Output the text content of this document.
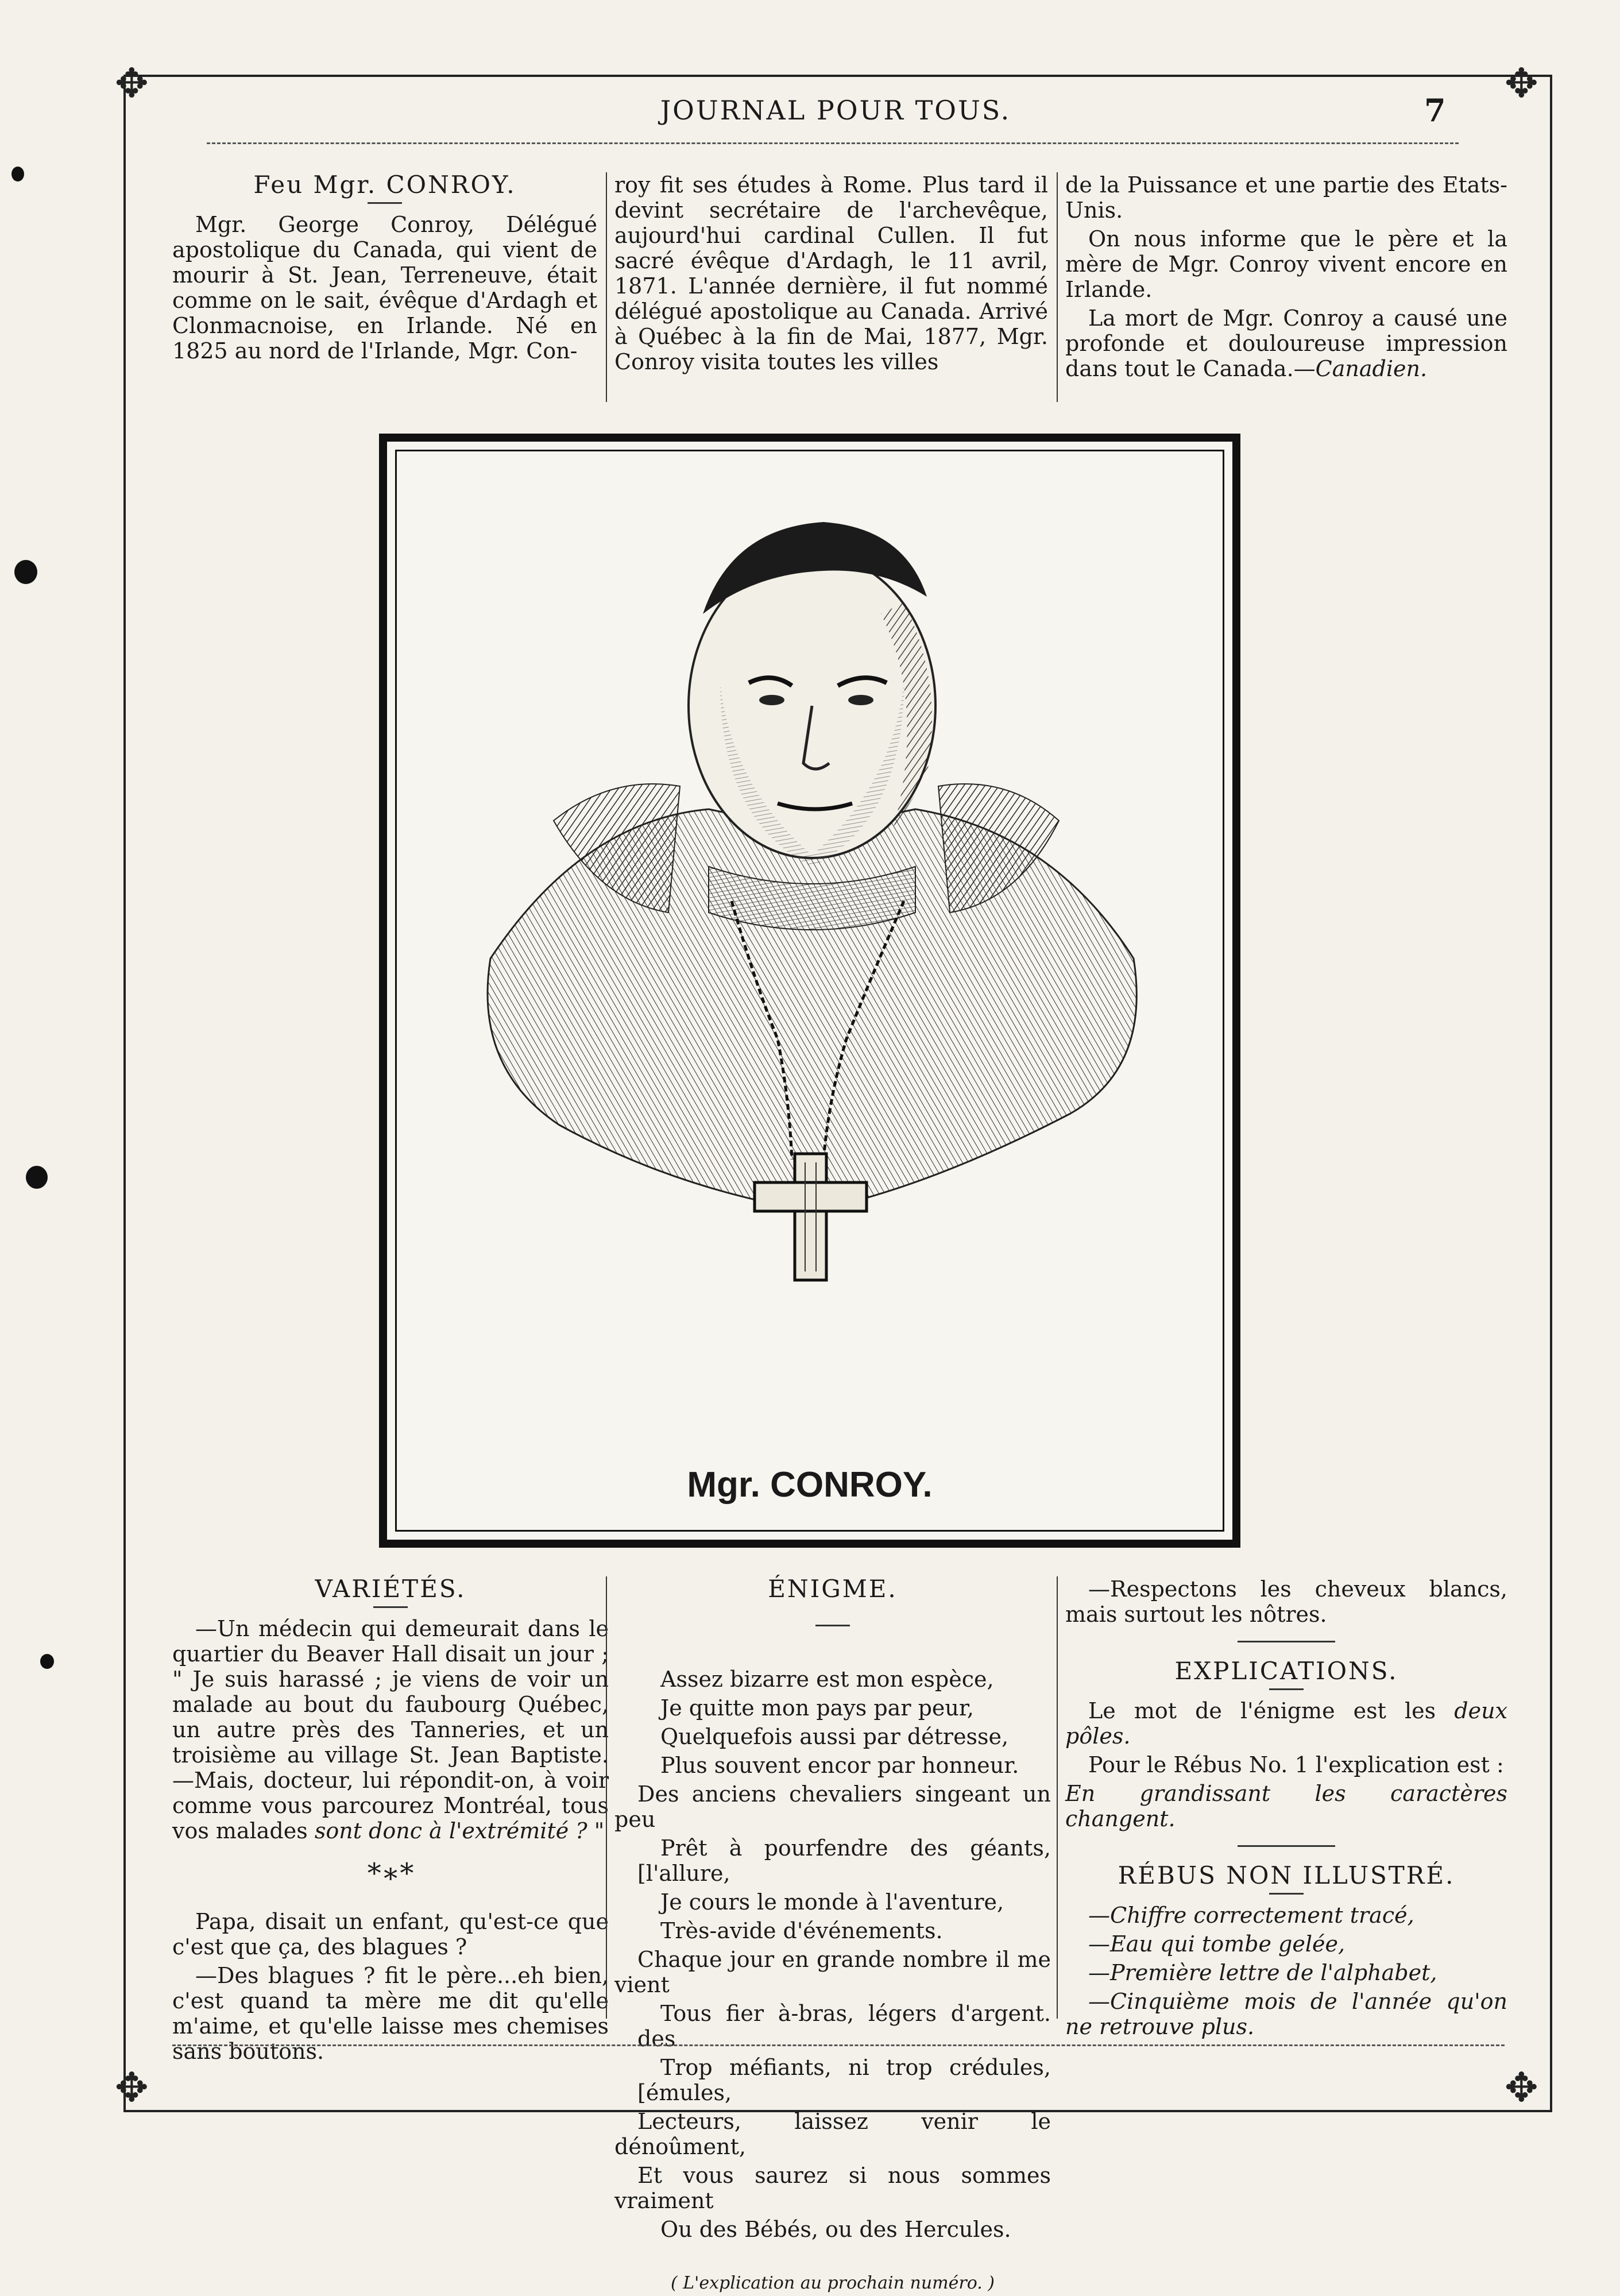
✥	✥
✥	✥
JOURNAL POUR TOUS.	7
Feu Mgr. CONROY.

Mgr. George Conroy, Délégué apostolique du Canada, qui vient de mourir à St. Jean, Terreneuve, était comme on le sait, évêque d'Ardagh et Clonmacnoise, en Irlande. Né en 1825 au nord de l'Irlande, Mgr. Con-

roy fit ses études à Rome. Plus tard il devint secrétaire de l'archevêque, aujourd'hui cardinal Cullen. Il fut sacré évêque d'Ardagh, le 11 avril, 1871. L'année dernière, il fut nommé délégué apostolique au Canada. Arrivé à Québec à la fin de Mai, 1877, Mgr. Conroy visita toutes les villes

de la Puissance et une partie des Etats-Unis.

On nous informe que le père et la mère de Mgr. Conroy vivent encore en Irlande.

La mort de Mgr. Conroy a causé une profonde et douloureuse impression dans tout le Canada.—Canadien.

Mgr. CONROY.
VARIÉTÉS.

—Un médecin qui demeurait dans le quartier du Beaver Hall disait un jour ; " Je suis harassé ; je viens de voir un malade au bout du faubourg Québec, un autre près des Tanneries, et un troisième au village St. Jean Baptiste.—Mais, docteur, lui répondit-on, à voir comme vous parcourez Montréal, tous vos malades sont donc à l'extrémité ? "

*∗*

Papa, disait un enfant, qu'est-ce que c'est que ça, des blagues ?

—Des blagues ? fit le père...eh bien, c'est quand ta mère me dit qu'elle m'aime, et qu'elle laisse mes chemises sans boutons.

ÉNIGME.

Assez bizarre est mon espèce,

Je quitte mon pays par peur,

Quelquefois aussi par détresse,

Plus souvent encor par honneur.

Des anciens chevaliers singeant un peu

Prêt à pourfendre des géants, [l'allure,

Je cours le monde à l'aventure,

Très-avide d'événements.

Chaque jour en grande nombre il me vient

Tous fier à-bras, légers d'argent. des

Trop méfiants, ni trop crédules, [émules,

Lecteurs, laissez venir le dénoûment,

Et vous saurez si nous sommes vraiment

Ou des Bébés, ou des Hercules.

( L'explication au prochain numéro. )

—Respectons les cheveux blancs, mais surtout les nôtres.

EXPLICATIONS.

Le mot de l'énigme est les deux pôles.

Pour le Rébus No. 1 l'explication est :

En grandissant les caractères changent.

RÉBUS NON ILLUSTRÉ.

—Chiffre correctement tracé,

—Eau qui tombe gelée,

—Première lettre de l'alphabet,

—Cinquième mois de l'année qu'on ne retrouve plus.
